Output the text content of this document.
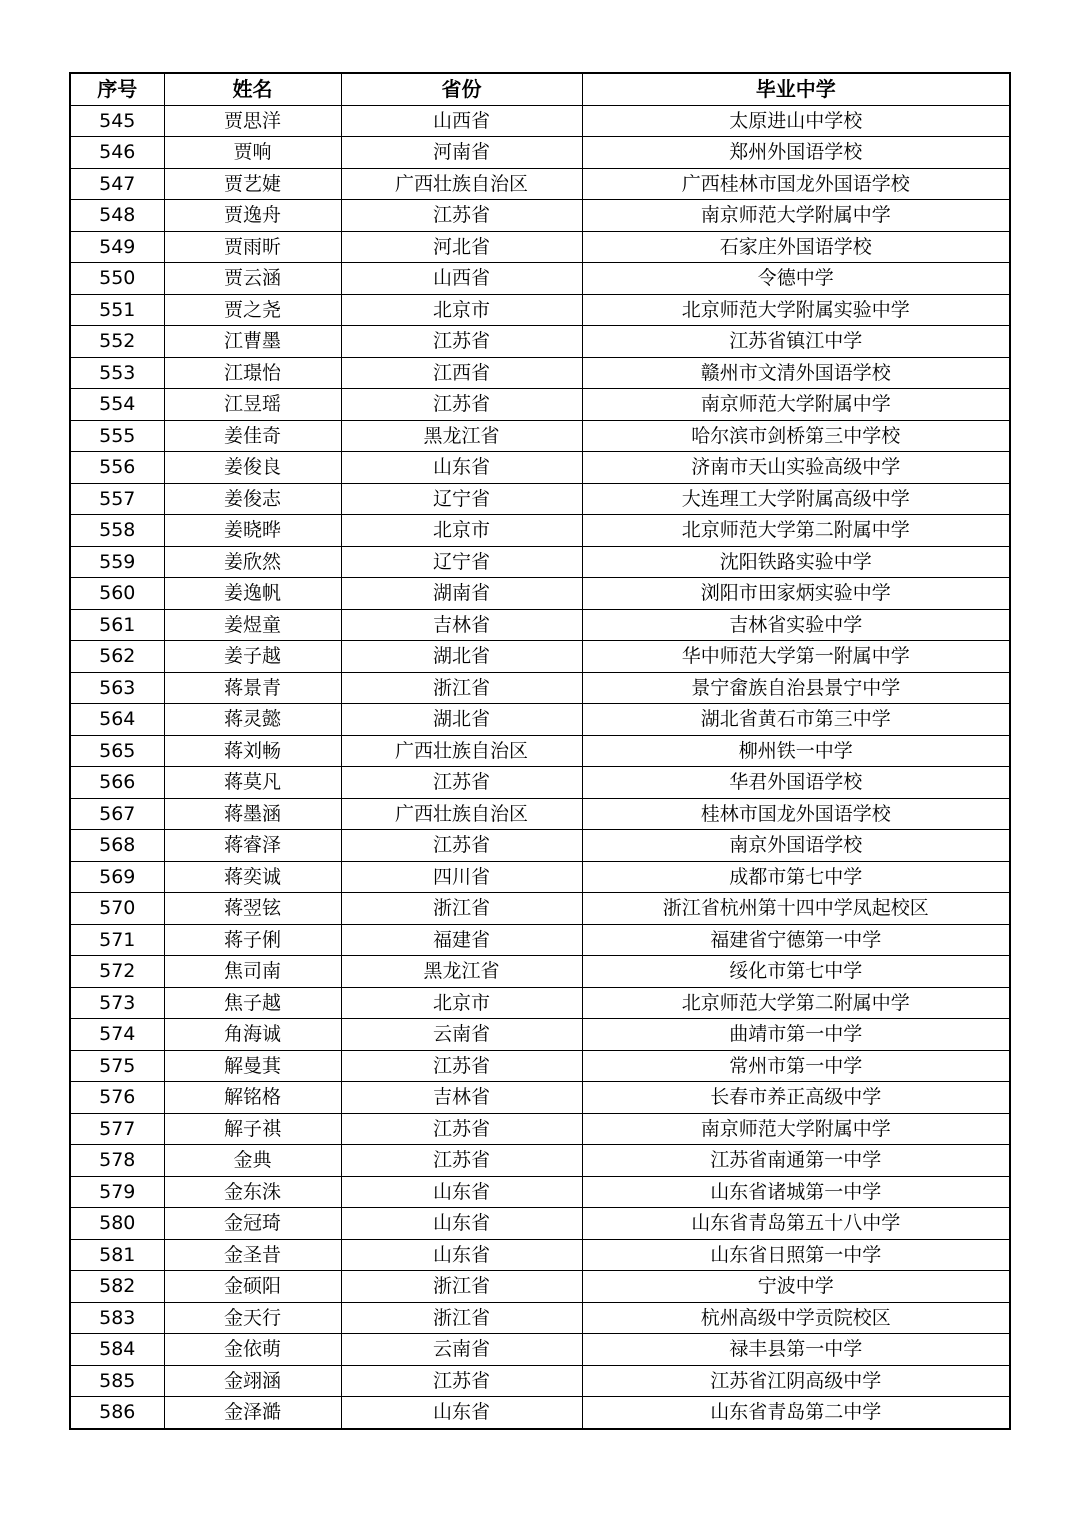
序号	姓名	省份	毕业中学
545	贾思洋	山西省	太原进山中学校
546	贾响	河南省	郑州外国语学校
547	贾艺婕	广西壮族自治区	广西桂林市国龙外国语学校
548	贾逸舟	江苏省	南京师范大学附属中学
549	贾雨昕	河北省	石家庄外国语学校
550	贾云涵	山西省	令德中学
551	贾之尧	北京市	北京师范大学附属实验中学
552	江曹墨	江苏省	江苏省镇江中学
553	江璟怡	江西省	赣州市文清外国语学校
554	江昱瑶	江苏省	南京师范大学附属中学
555	姜佳奇	黑龙江省	哈尔滨市剑桥第三中学校
556	姜俊良	山东省	济南市天山实验高级中学
557	姜俊志	辽宁省	大连理工大学附属高级中学
558	姜晓晔	北京市	北京师范大学第二附属中学
559	姜欣然	辽宁省	沈阳铁路实验中学
560	姜逸帆	湖南省	浏阳市田家炳实验中学
561	姜煜童	吉林省	吉林省实验中学
562	姜子越	湖北省	华中师范大学第一附属中学
563	蒋景青	浙江省	景宁畲族自治县景宁中学
564	蒋灵懿	湖北省	湖北省黄石市第三中学
565	蒋刘畅	广西壮族自治区	柳州铁一中学
566	蒋莫凡	江苏省	华君外国语学校
567	蒋墨涵	广西壮族自治区	桂林市国龙外国语学校
568	蒋睿泽	江苏省	南京外国语学校
569	蒋奕诚	四川省	成都市第七中学
570	蒋翌铉	浙江省	浙江省杭州第十四中学凤起校区
571	蒋子俐	福建省	福建省宁德第一中学
572	焦司南	黑龙江省	绥化市第七中学
573	焦子越	北京市	北京师范大学第二附属中学
574	角海诚	云南省	曲靖市第一中学
575	解曼萁	江苏省	常州市第一中学
576	解铭格	吉林省	长春市养正高级中学
577	解子祺	江苏省	南京师范大学附属中学
578	金典	江苏省	江苏省南通第一中学
579	金东洙	山东省	山东省诸城第一中学
580	金冠琦	山东省	山东省青岛第五十八中学
581	金圣昔	山东省	山东省日照第一中学
582	金硕阳	浙江省	宁波中学
583	金天行	浙江省	杭州高级中学贡院校区
584	金依萌	云南省	禄丰县第一中学
585	金翊涵	江苏省	江苏省江阴高级中学
586	金泽澔	山东省	山东省青岛第二中学
